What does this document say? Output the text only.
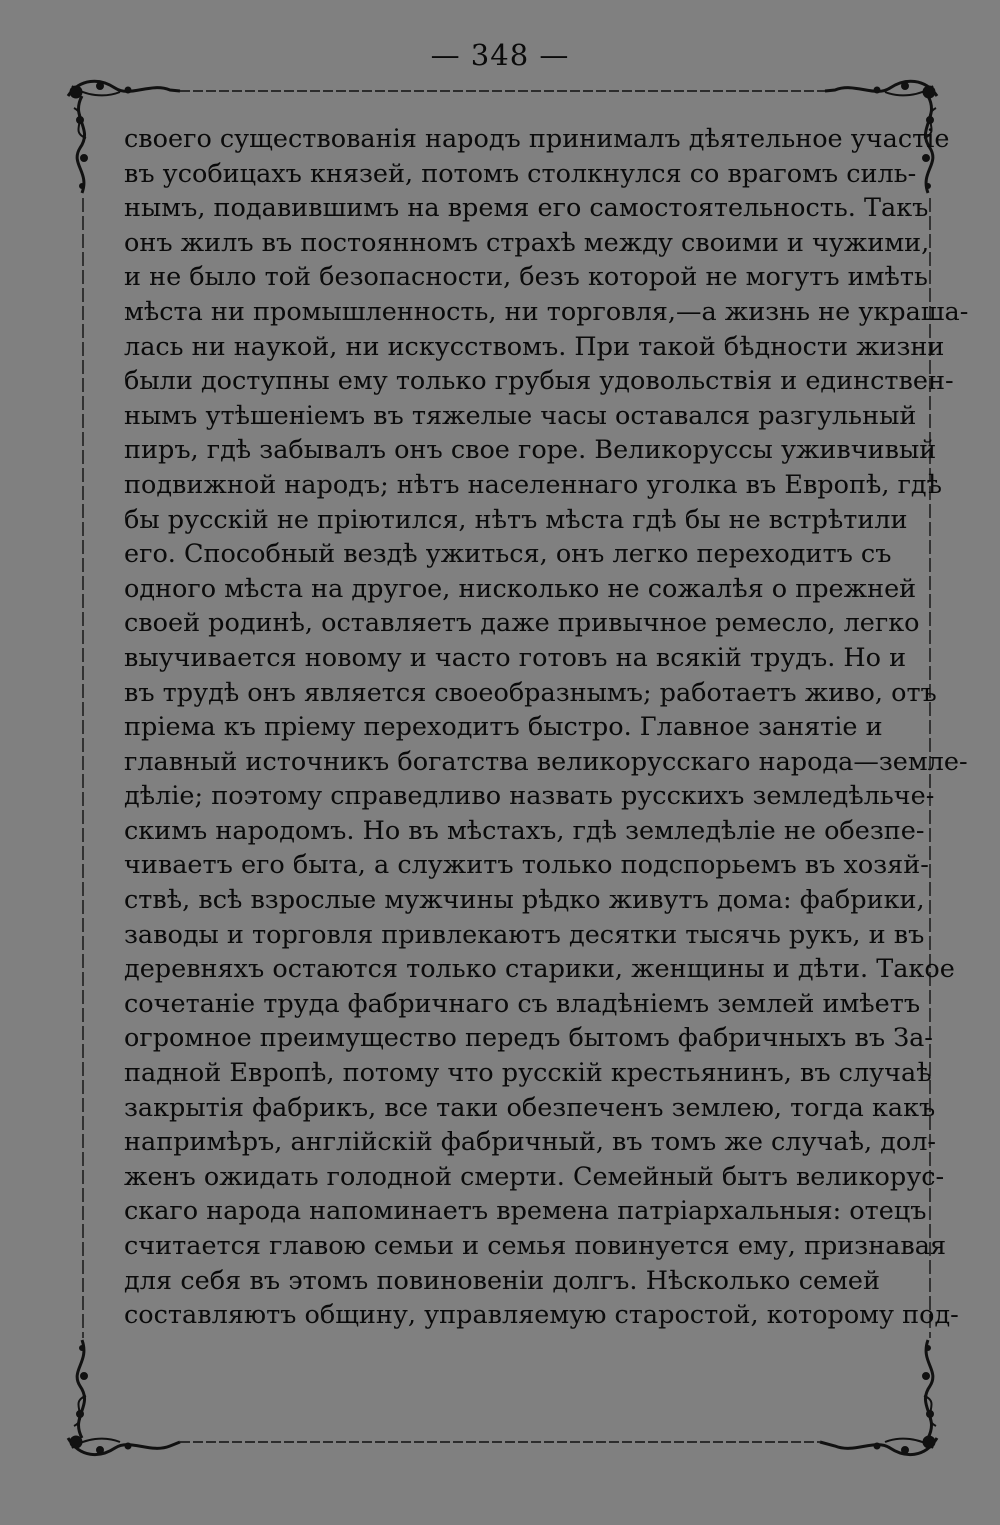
— 348 —
своего существованія народъ принималъ дѣятельное участіе
въ усобицахъ князей, потомъ столкнулся со врагомъ силь-
нымъ, подавившимъ на время его самостоятельность. Такъ
онъ жилъ въ постоянномъ страхѣ между своими и чужими,
и не было той безопасности, безъ которой не могутъ имѣть
мѣста ни промышленность, ни торговля,—а жизнь не украша-
лась ни наукой, ни искусствомъ. При такой бѣдности жизни
были доступны ему только грубыя удовольствія и единствен-
нымъ утѣшеніемъ въ тяжелые часы оставался разгульный
пиръ, гдѣ забывалъ онъ свое горе. Великоруссы уживчивый
подвижной народъ; нѣтъ населеннаго уголка въ Европѣ, гдѣ
бы русскій не пріютился, нѣтъ мѣста гдѣ бы не встрѣтили
его. Способный вездѣ ужиться, онъ легко переходитъ съ
одного мѣста на другое, нисколько не сожалѣя о прежней
своей родинѣ, оставляетъ даже привычное ремесло, легко
выучивается новому и часто готовъ на всякій трудъ. Но и
въ трудѣ онъ является своеобразнымъ; работаетъ живо, отъ
пріема къ пріему переходитъ быстро. Главное занятіе и
главный источникъ богатства великорусскаго народа—земле-
дѣліе; поэтому справедливо назвать русскихъ земледѣльче-
скимъ народомъ. Но въ мѣстахъ, гдѣ земледѣліе не обезпе-
чиваетъ его быта, а служитъ только подспорьемъ въ хозяй-
ствѣ, всѣ взрослые мужчины рѣдко живутъ дома: фабрики,
заводы и торговля привлекаютъ десятки тысячь рукъ, и въ
деревняхъ остаются только старики, женщины и дѣти. Такое
сочетаніе труда фабричнаго съ владѣніемъ землей имѣетъ
огромное преимущество передъ бытомъ фабричныхъ въ За-
падной Европѣ, потому что русскій крестьянинъ, въ случаѣ
закрытія фабрикъ, все таки обезпеченъ землею, тогда какъ
напримѣръ, англійскій фабричный, въ томъ же случаѣ, дол-
женъ ожидать голодной смерти. Семейный бытъ великорус-
скаго народа напоминаетъ времена патріархальныя: отецъ
считается главою семьи и семья повинуется ему, признавая
для себя въ этомъ повиновеніи долгъ. Нѣсколько семей
составляютъ общину, управляемую старостой, которому под-
